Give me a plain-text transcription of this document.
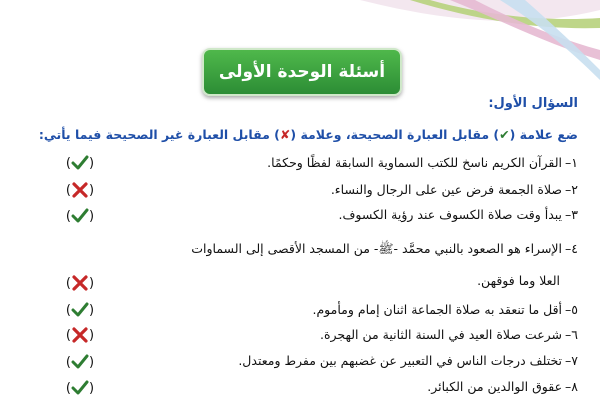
أسئلة الوحدة الأولى
السؤال الأول:
ضع علامة (✔) مقابل العبارة الصحيحة، وعلامة (✘) مقابل العبارة غير الصحيحة فيما يأتي:
١–القرآن الكريم ناسخ للكتب السماوية السابقة لفظًا وحكمًا.
٢–صلاة الجمعة فرض عين على الرجال والنساء.
٣–يبدأ وقت صلاة الكسوف عند رؤية الكسوف.
٤–الإسراء هو الصعود بالنبي محمَّد -ﷺ- من المسجد الأقصى إلى السماوات
العلا وما فوقهن.
٥–أقل ما تنعقد به صلاة الجماعة اثنان إمام ومأموم.
٦–شرعت صلاة العيد في السنة الثانية من الهجرة.
٧–تختلف درجات الناس في التعبير عن غضبهم بين مفرط ومعتدل.
٨–عقوق الوالدين من الكبائر.
( )
( )
( )
( )
( )
( )
( )
( )
